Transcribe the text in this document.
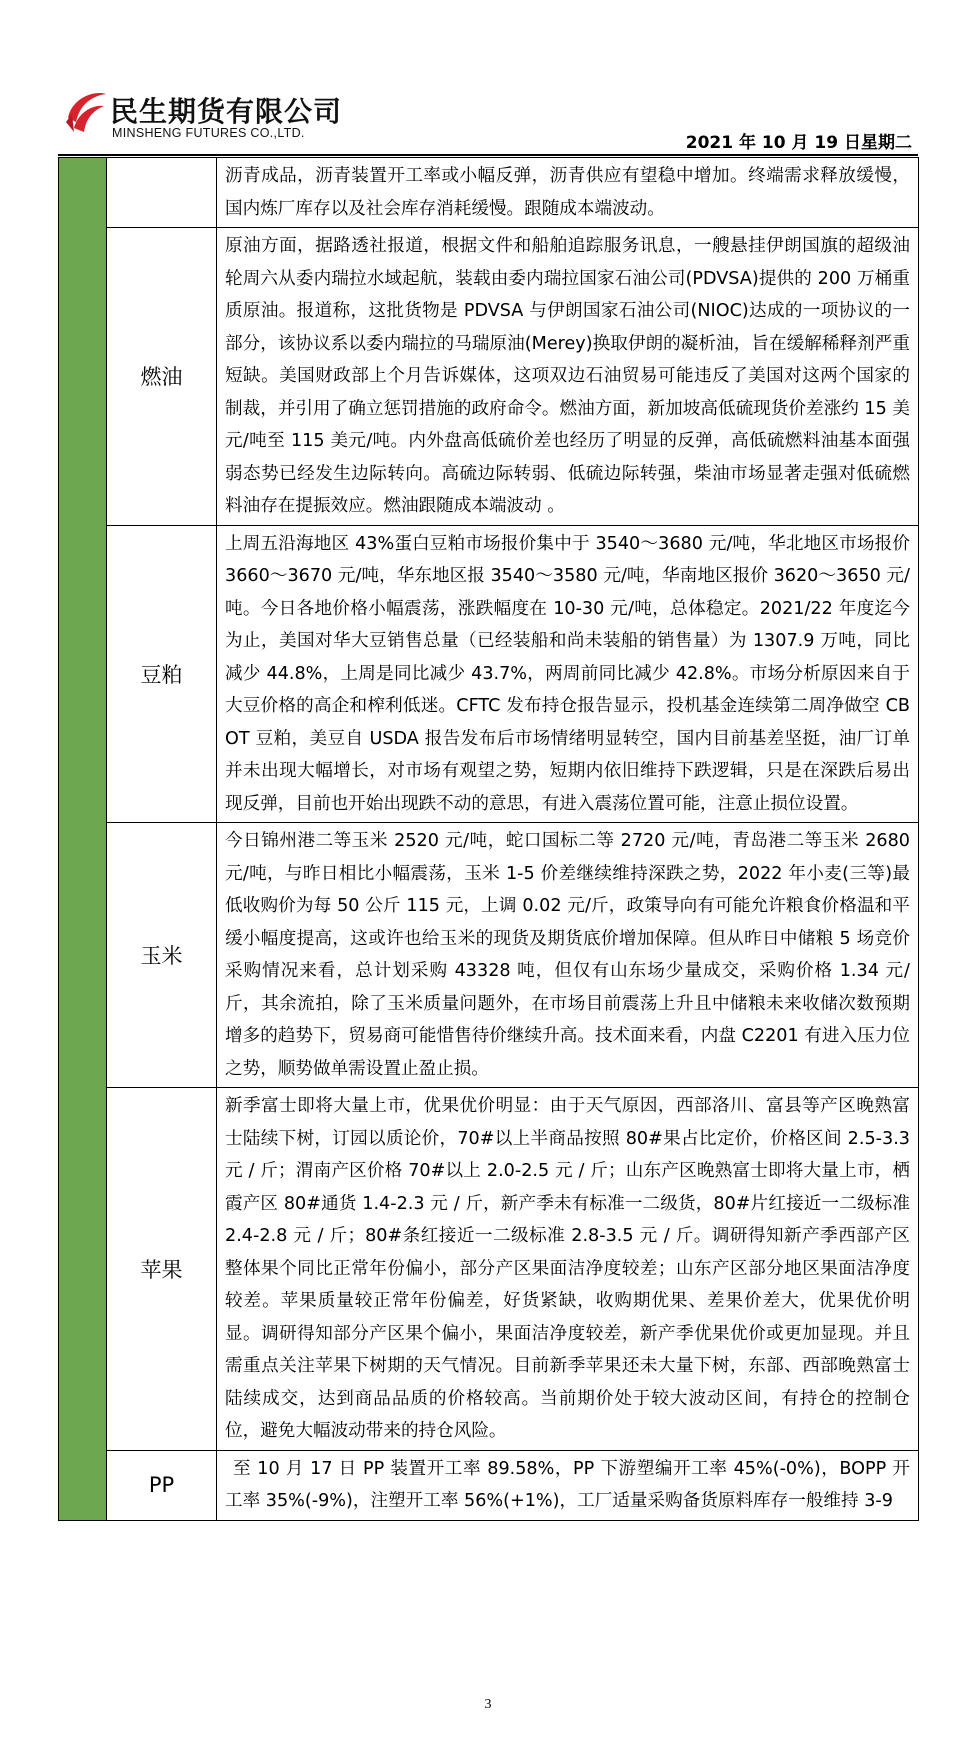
民生期货有限公司
MINSHENG FUTURES CO.,LTD.	2021 年 10 月 19 日星期二
		沥青成品，沥青装置开工率或小幅反弹，沥青供应有望稳中增加。终端需求释放缓慢，国内炼厂库存以及社会库存消耗缓慢。跟随成本端波动。
	燃油	原油方面，据路透社报道，根据文件和船舶追踪服务讯息，一艘悬挂伊朗国旗的超级油轮周六从委内瑞拉水域起航，装载由委内瑞拉国家石油公司(PDVSA)提供的 200 万桶重质原油。报道称，这批货物是 PDVSA 与伊朗国家石油公司(NIOC)达成的一项协议的一部分，该协议系以委内瑞拉的马瑞原油(Merey)换取伊朗的凝析油，旨在缓解稀释剂严重短缺。美国财政部上个月告诉媒体，这项双边石油贸易可能违反了美国对这两个国家的制裁，并引用了确立惩罚措施的政府命令。燃油方面，新加坡高低硫现货价差涨约 15 美元/吨至 115 美元/吨。内外盘高低硫价差也经历了明显的反弹，高低硫燃料油基本面强弱态势已经发生边际转向。高硫边际转弱、低硫边际转强，柴油市场显著走强对低硫燃料油存在提振效应。燃油跟随成本端波动 。
	豆粕	上周五沿海地区 43%蛋白豆粕市场报价集中于 3540～3680 元/吨，华北地区市场报价 3660～3670 元/吨，华东地区报 3540～3580 元/吨，华南地区报价 3620～3650 元/吨。今日各地价格小幅震荡，涨跌幅度在 10-30 元/吨，总体稳定。2021/22 年度迄今为止，美国对华大豆销售总量（已经装船和尚未装船的销售量）为 1307.9 万吨，同比减少 44.8%，上周是同比减少 43.7%，两周前同比减少 42.8%。市场分析原因来自于大豆价格的高企和榨利低迷。CFTC 发布持仓报告显示，投机基金连续第二周净做空 CBOT 豆粕，美豆自 USDA 报告发布后市场情绪明显转空，国内目前基差坚挺，油厂订单并未出现大幅增长，对市场有观望之势，短期内依旧维持下跌逻辑，只是在深跌后易出现反弹，目前也开始出现跌不动的意思，有进入震荡位置可能，注意止损位设置。
	玉米	今日锦州港二等玉米 2520 元/吨，蛇口国标二等 2720 元/吨，青岛港二等玉米 2680 元/吨，与昨日相比小幅震荡，玉米 1-5 价差继续维持深跌之势，2022 年小麦(三等)最低收购价为每 50 公斤 115 元，上调 0.02 元/斤，政策导向有可能允许粮食价格温和平缓小幅度提高，这或许也给玉米的现货及期货底价增加保障。但从昨日中储粮 5 场竞价采购情况来看，总计划采购 43328 吨，但仅有山东场少量成交，采购价格 1.34 元/斤，其余流拍，除了玉米质量问题外，在市场目前震荡上升且中储粮未来收储次数预期增多的趋势下，贸易商可能惜售待价继续升高。技术面来看，内盘 C2201 有进入压力位之势，顺势做单需设置止盈止损。
	苹果	新季富士即将大量上市，优果优价明显：由于天气原因，西部洛川、富县等产区晚熟富士陆续下树，订园以质论价，70#以上半商品按照 80#果占比定价，价格区间 2.5-3.3 元 / 斤；渭南产区价格 70#以上 2.0-2.5 元 / 斤；山东产区晚熟富士即将大量上市，栖霞产区 80#通货 1.4-2.3 元 / 斤，新产季未有标准一二级货，80#片红接近一二级标准 2.4-2.8 元 / 斤；80#条红接近一二级标准 2.8-3.5 元 / 斤。调研得知新产季西部产区整体果个同比正常年份偏小，部分产区果面洁净度较差；山东产区部分地区果面洁净度较差。苹果质量较正常年份偏差，好货紧缺，收购期优果、差果价差大，优果优价明显。调研得知部分产区果个偏小，果面洁净度较差，新产季优果优价或更加显现。并且需重点关注苹果下树期的天气情况。目前新季苹果还未大量下树，东部、西部晚熟富士陆续成交，达到商品品质的价格较高。当前期价处于较大波动区间，有持仓的控制仓位，避免大幅波动带来的持仓风险。
	PP	至 10 月 17 日 PP 装置开工率 89.58%，PP 下游塑编开工率 45%(-0%)，BOPP 开工率 35%(-9%)，注塑开工率 56%(+1%)，工厂适量采购备货原料库存一般维持 3-9
3
